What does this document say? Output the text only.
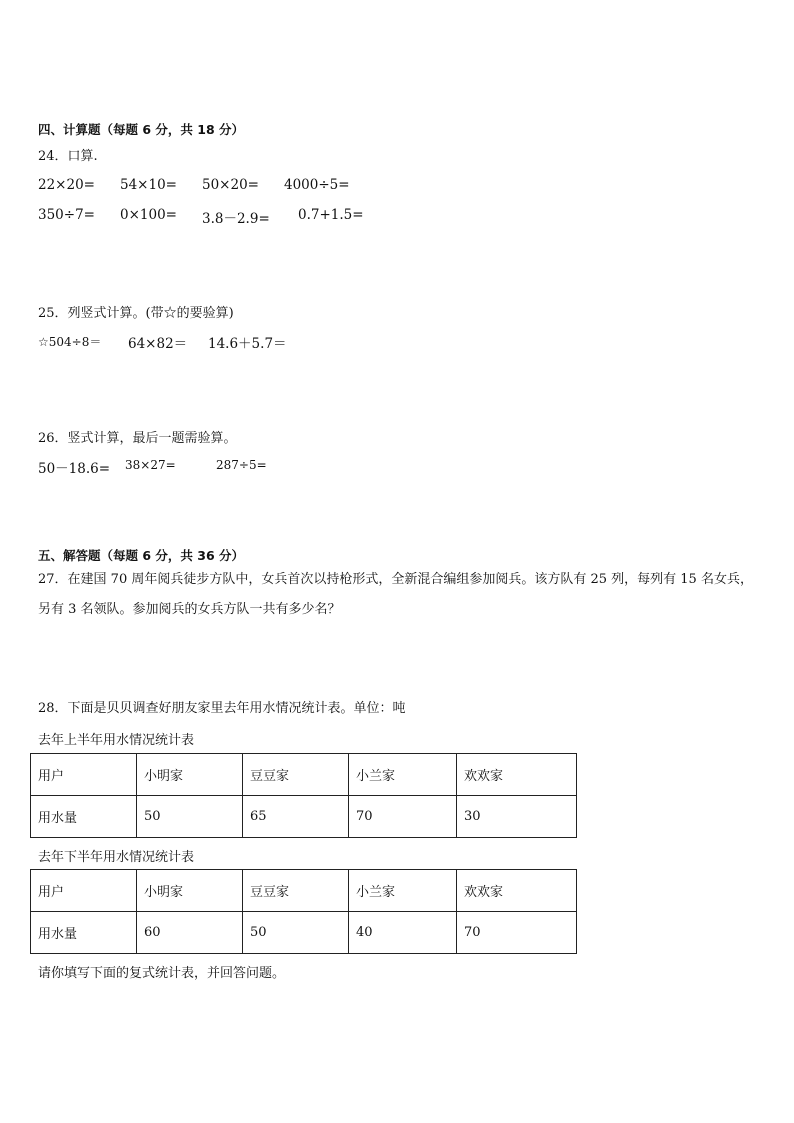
四、计算题（每题 6 分，共 18 分）
24．口算.
22×20= 54×10= 50×20= 4000÷5=
350÷7= 0×100= 3.8－2.9= 0.7+1.5=
25．列竖式计算。(带☆的要验算)
☆504÷8＝ 64×82＝ 14.6＋5.7＝
26．竖式计算，最后一题需验算。
50－18.6= 38×27=	287÷5=
五、解答题（每题 6 分，共 36 分）
27．在建国 70 周年阅兵徒步方队中，女兵首次以持枪形式，全新混合编组参加阅兵。该方队有 25 列，每列有 15 名女兵，另有 3 名领队。参加阅兵的女兵方队一共有多少名？
28．下面是贝贝调查好朋友家里去年用水情况统计表。单位：吨
去年上半年用水情况统计表
用户	小明家	豆豆家	小兰家	欢欢家
用水量	50	65	70	30
去年下半年用水情况统计表
用户	小明家	豆豆家	小兰家	欢欢家
用水量	60	50	40	70
请你填写下面的复式统计表，并回答问题。
